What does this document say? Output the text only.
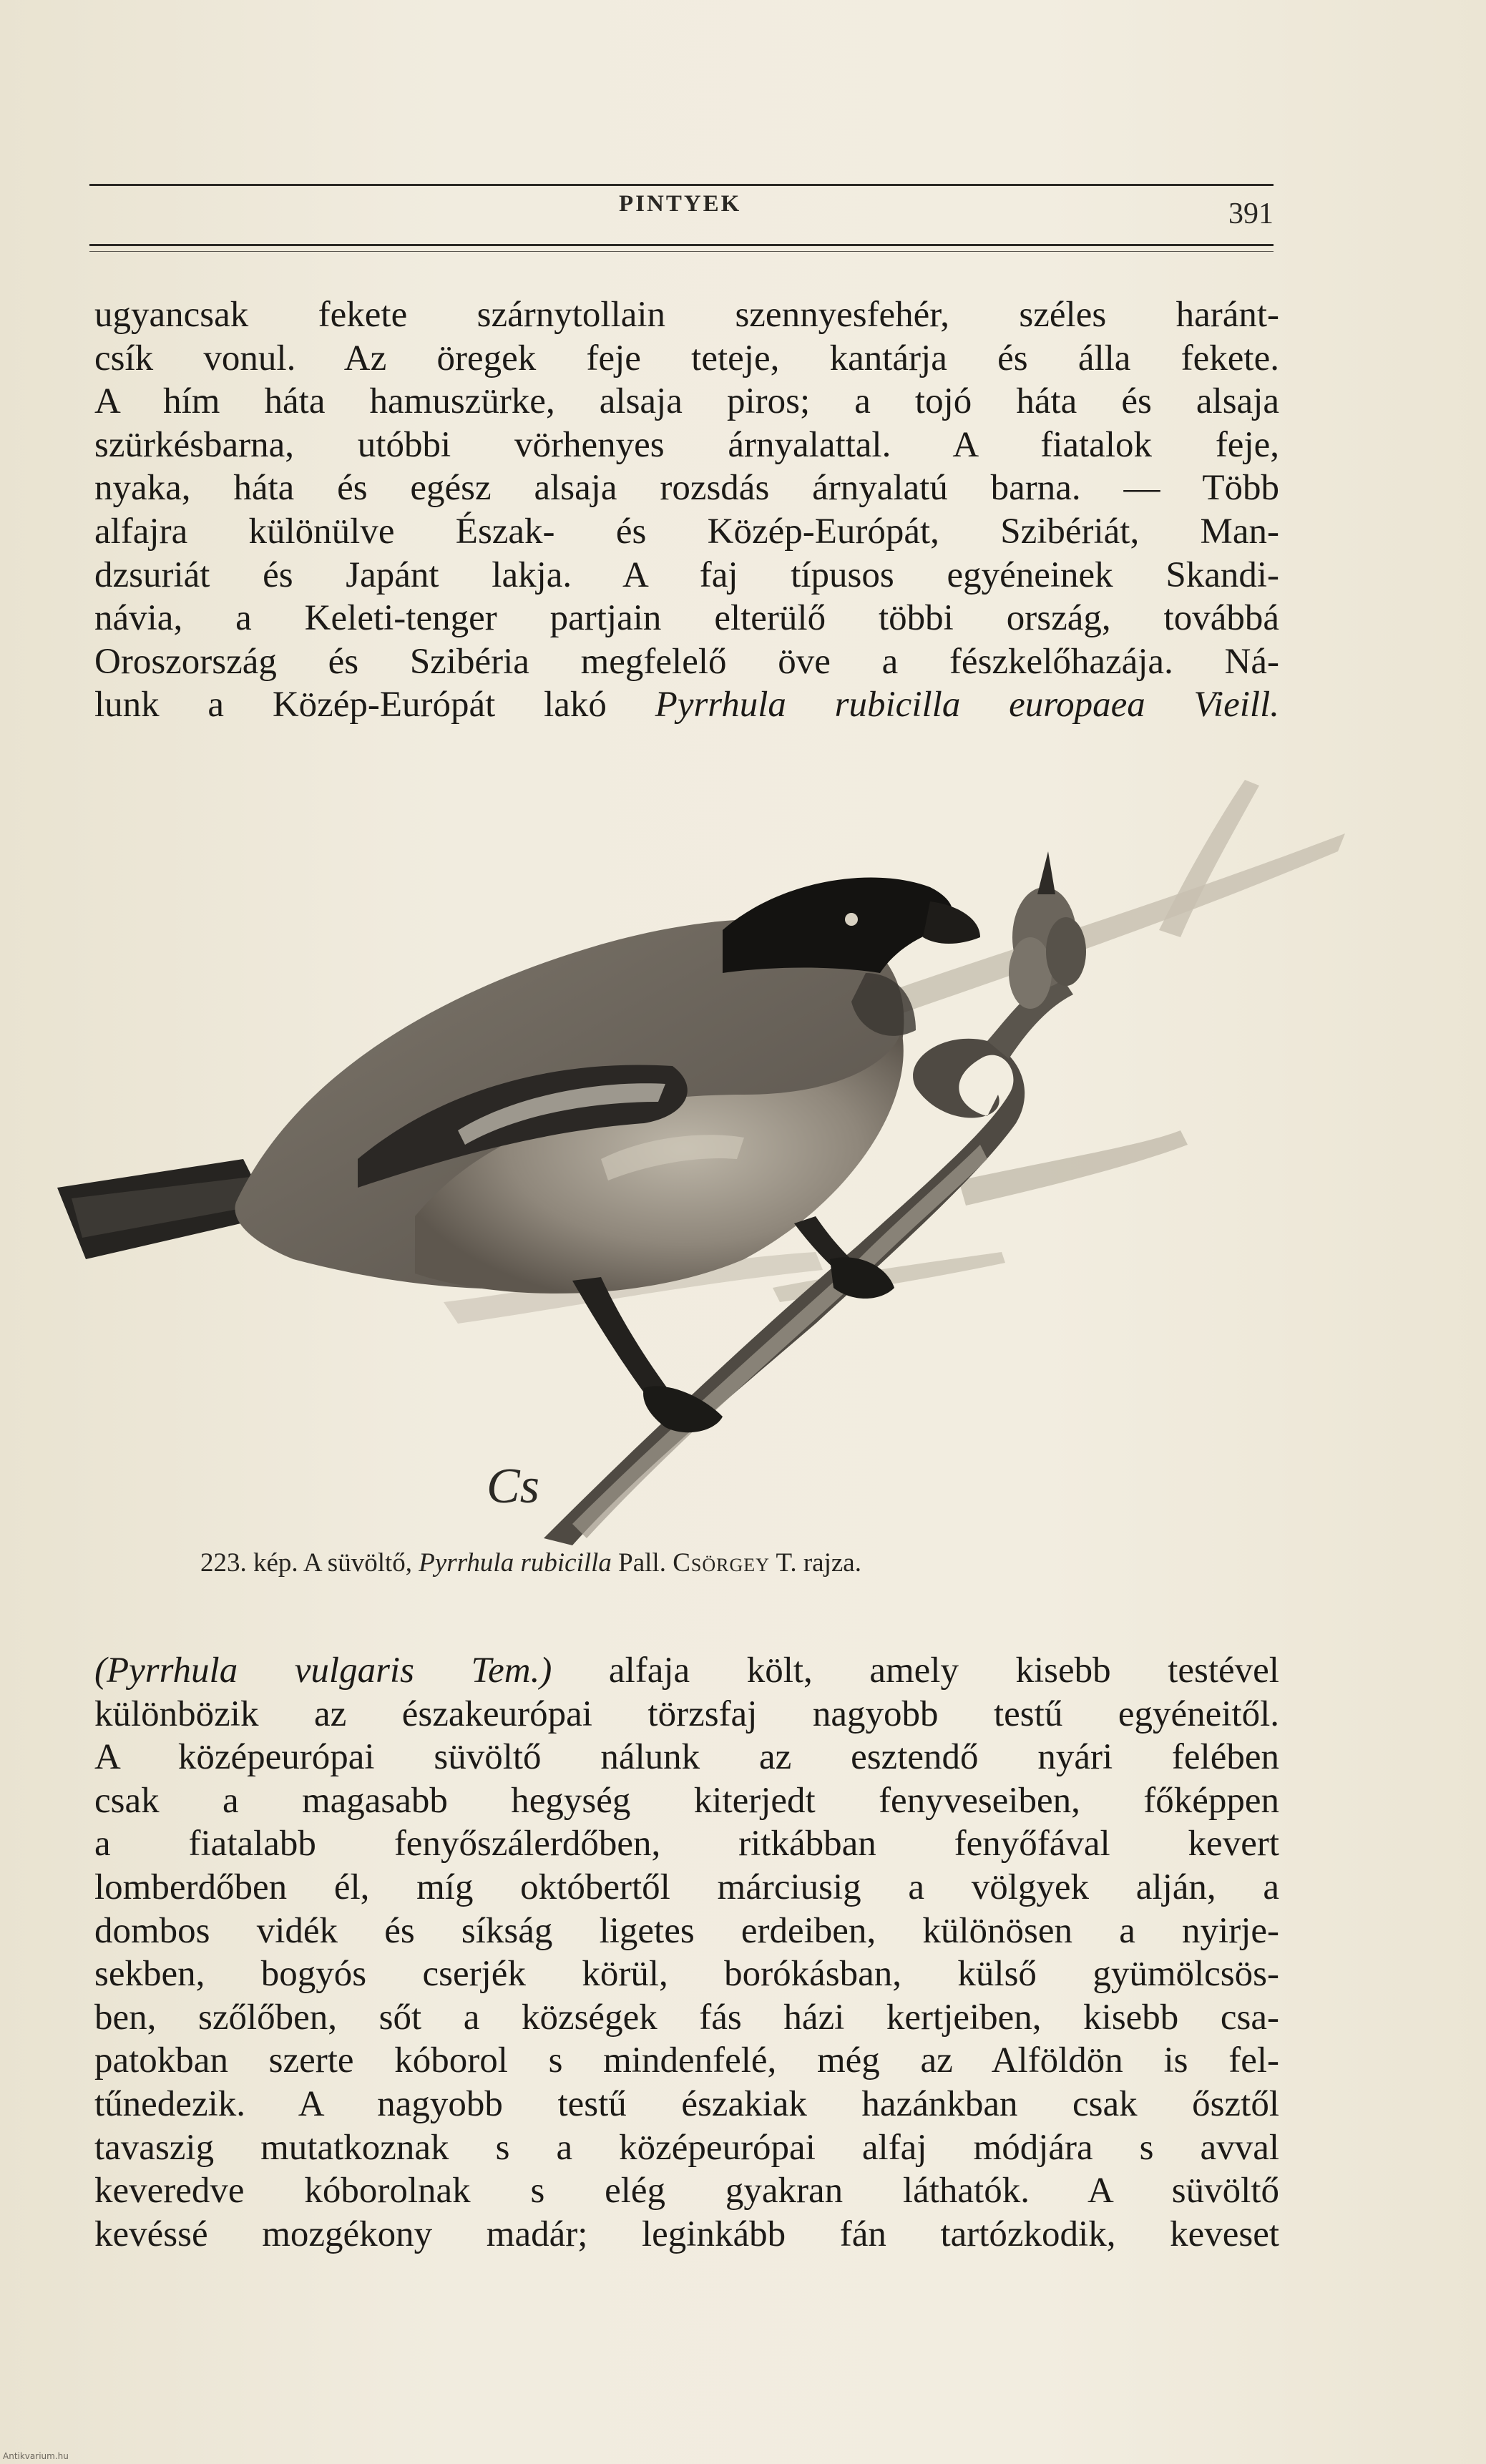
PINTYEK	391
ugyancsak fekete szárnytollain szennyesfehér, széles haránt-
csík vonul. Az öregek feje teteje, kantárja és álla fekete.
A hím háta hamuszürke, alsaja piros; a tojó háta és alsaja
szürkésbarna, utóbbi vörhenyes árnyalattal. A fiatalok feje,
nyaka, háta és egész alsaja rozsdás árnyalatú barna. — Több
alfajra különülve Észak- és Közép-Európát, Szibériát, Man-
dzsuriát és Japánt lakja. A faj típusos egyéneinek Skandi-
návia, a Keleti-tenger partjain elterülő többi ország, továbbá
Oroszország és Szibéria megfelelő öve a fészkelőhazája. Ná-
lunk a Közép-Európát lakó Pyrrhula rubicilla europaea Vieill.
Cs
223. kép. A süvöltő, Pyrrhula rubicilla Pall. Csörgey T. rajza.
(Pyrrhula vulgaris Tem.) alfaja költ, amely kisebb testével
különbözik az északeurópai törzsfaj nagyobb testű egyéneitől.
A középeurópai süvöltő nálunk az esztendő nyári felében
csak a magasabb hegység kiterjedt fenyveseiben, főképpen
a fiatalabb fenyőszálerdőben, ritkábban fenyőfával kevert
lomberdőben él, míg októbertől márciusig a völgyek alján, a
dombos vidék és síkság ligetes erdeiben, különösen a nyirje-
sekben, bogyós cserjék körül, borókásban, külső gyümölcsös-
ben, szőlőben, sőt a községek fás házi kertjeiben, kisebb csa-
patokban szerte kóborol s mindenfelé, még az Alföldön is fel-
tűnedezik. A nagyobb testű északiak hazánkban csak ősztől
tavaszig mutatkoznak s a középeurópai alfaj módjára s avval
keveredve kóborolnak s elég gyakran láthatók. A süvöltő
kevéssé mozgékony madár; leginkább fán tartózkodik, keveset
Antikvarium.hu
